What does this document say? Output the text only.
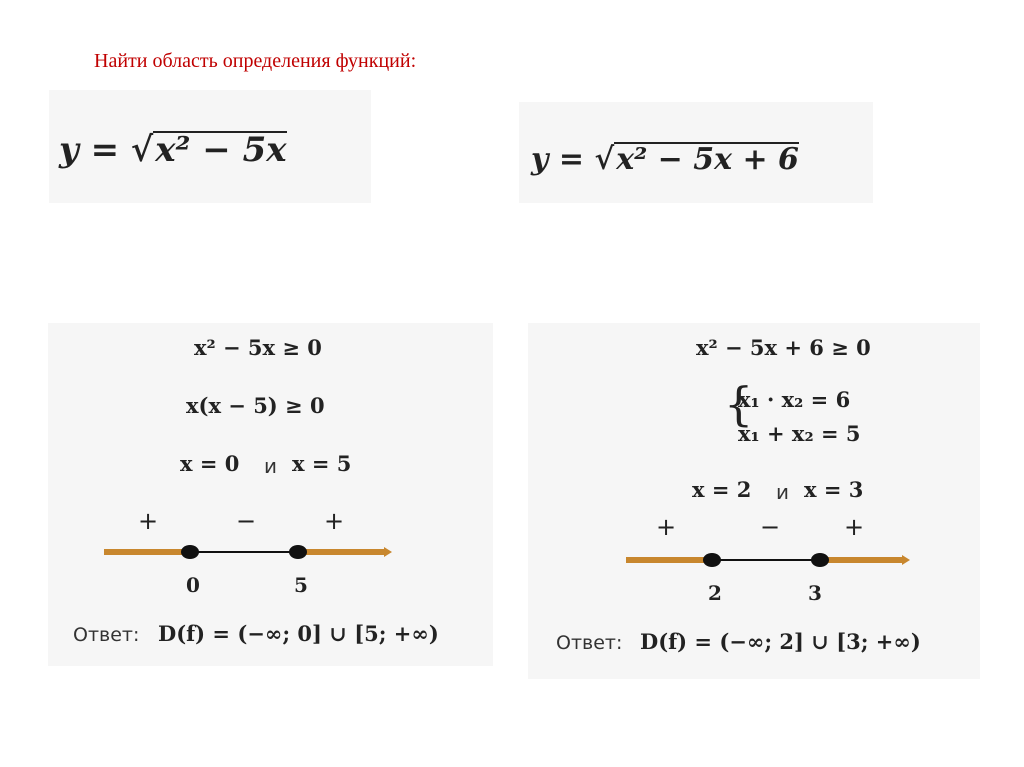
Найти область определения функций:
y = √x² − 5x	y = √x² − 5x + 6
x² − 5x ≥ 0
x(x − 5) ≥ 0
x = 0 и x = 5
+	−	+
0	5
Ответ: D(f) = (−∞; 0] ∪ [5; +∞)
x² − 5x + 6 ≥ 0
{
x₁ · x₂ = 6
x₁ + x₂ = 5
x = 2 и x = 3
+	−	+
2	3
Ответ: D(f) = (−∞; 2] ∪ [3; +∞)
